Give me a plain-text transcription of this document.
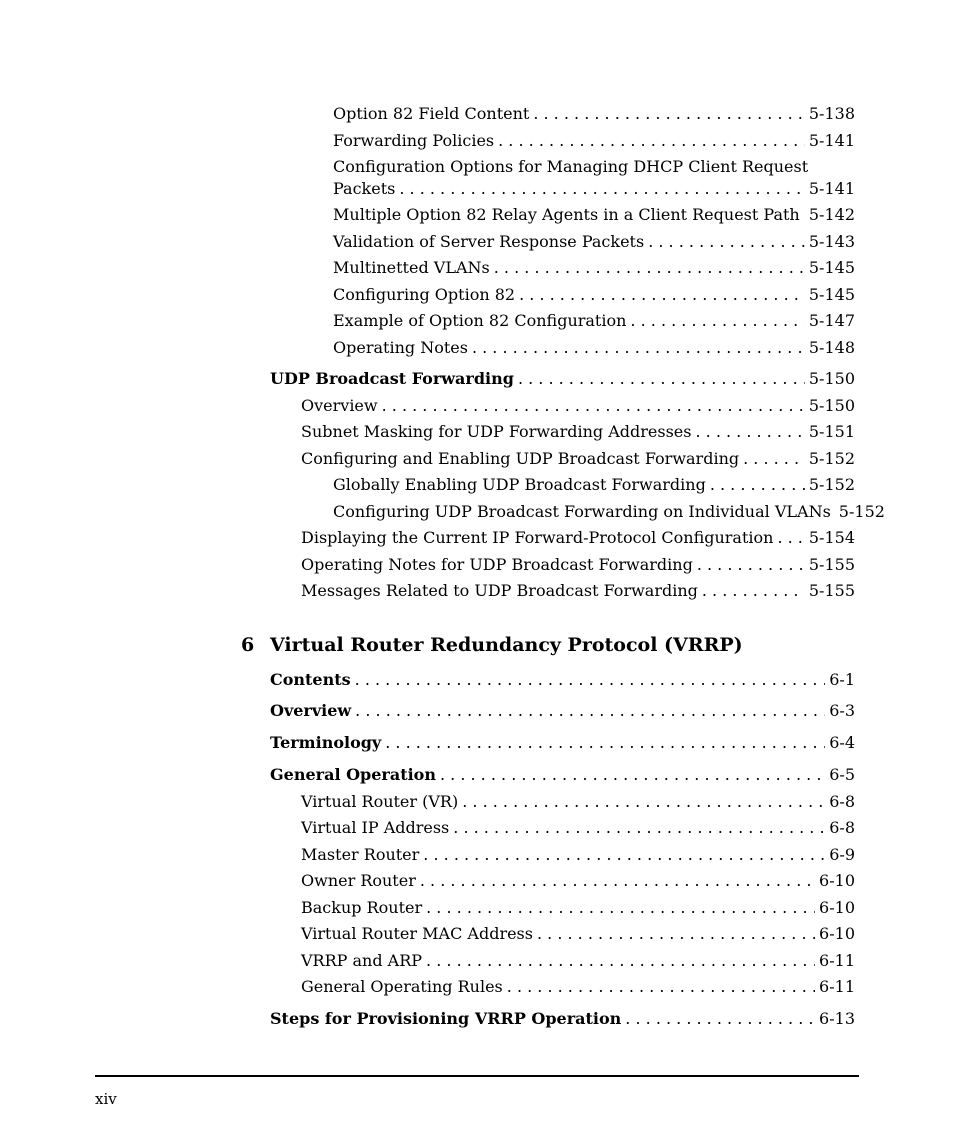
Option 82 Field Content . . .	5-138
Forwarding Policies . . .	5-141
Configuration Options for Managing DHCP Client Request
Packets . . .	5-141
Multiple Option 82 Relay Agents in a Client Request Path . . . 5-142
Validation of Server Response Packets . . .	5-143
Multinetted VLANs . . .	5-145
Configuring Option 82 . . .	5-145
Example of Option 82 Configuration . . .	5-147
Operating Notes . . .	5-148
UDP Broadcast Forwarding . . .	5-150
Overview . . .	5-150
Subnet Masking for UDP Forwarding Addresses . . .	5-151
Configuring and Enabling UDP Broadcast Forwarding . . .	5-152
Globally Enabling UDP Broadcast Forwarding . . .	5-152
Configuring UDP Broadcast Forwarding on Individual VLANs 5-152
Displaying the Current IP Forward-Protocol Configuration . . . 5-154
Operating Notes for UDP Broadcast Forwarding . . .	5-155
Messages Related to UDP Broadcast Forwarding . . .	5-155
Contents . . .	6-1
Overview . . .	6-3
Terminology . . .	6-4
General Operation . . .	6-5
Virtual Router (VR) . . .	6-8
Virtual IP Address . . .	6-8
Master Router . . .	6-9
Owner Router . . .	6-10
Backup Router . . .	6-10
Virtual Router MAC Address . . .	6-10
VRRP and ARP . . .	6-11
General Operating Rules . . .	6-11
Steps for Provisioning VRRP Operation . . .	6-13
6 Virtual Router Redundancy Protocol (VRRP)
xiv
